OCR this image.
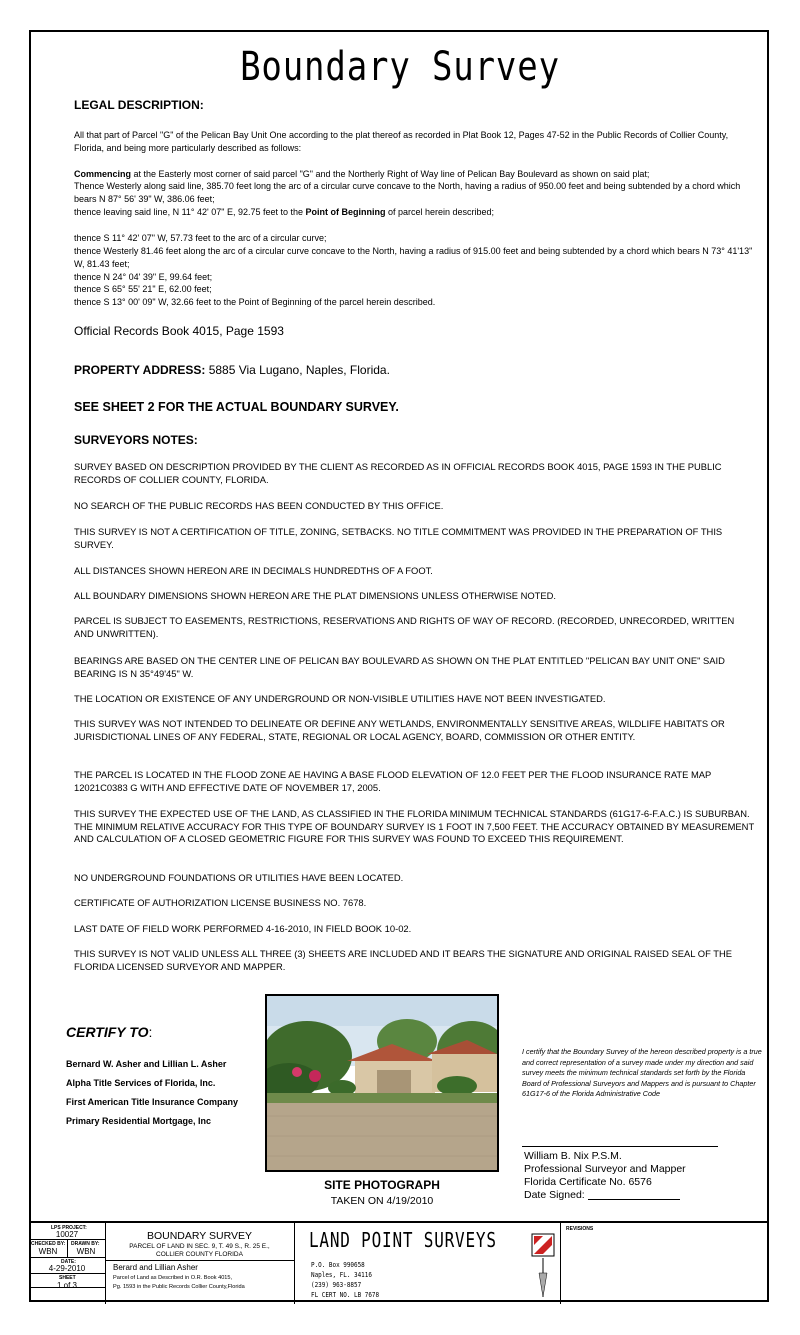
Boundary Survey
LEGAL DESCRIPTION:
All that part of Parcel "G" of the Pelican Bay Unit One according to the plat thereof as recorded in Plat Book 12, Pages 47-52 in the Public Records of Collier County, Florida, and being more particularly described as follows:
Commencing at the Easterly most corner of said parcel "G" and the Northerly Right of Way line of Pelican Bay Boulevard as shown on said plat;
Thence Westerly along said line, 385.70 feet long the arc of a circular curve concave to the North, having a radius of 950.00 feet and being subtended by a chord which bears N 87° 56' 39" W, 386.06 feet;
thence leaving said line, N 11° 42' 07" E, 92.75 feet to the Point of Beginning of parcel herein described;
thence S 11° 42' 07" W, 57.73 feet to the arc of a circular curve;
thence Westerly 81.46 feet along the arc of a circular curve concave to the North, having a radius of 915.00 feet and being subtended by a chord which bears N 73° 41'13" W, 81.43 feet;
thence N 24° 04' 39" E, 99.64 feet;
thence S 65° 55' 21" E, 62.00 feet;
thence S 13° 00' 09" W, 32.66 feet to the Point of Beginning of the parcel herein described.
Official Records Book 4015, Page 1593
PROPERTY ADDRESS: 5885 Via Lugano, Naples, Florida.
SEE SHEET 2 FOR THE ACTUAL BOUNDARY SURVEY.
SURVEYORS NOTES:
SURVEY BASED ON DESCRIPTION PROVIDED BY THE CLIENT AS RECORDED AS IN OFFICIAL RECORDS BOOK 4015, PAGE 1593 IN THE PUBLIC RECORDS OF COLLIER COUNTY, FLORIDA.
NO SEARCH OF THE PUBLIC RECORDS HAS BEEN CONDUCTED BY THIS OFFICE.
THIS SURVEY IS NOT A CERTIFICATION OF TITLE, ZONING, SETBACKS. NO TITLE COMMITMENT WAS PROVIDED IN THE PREPARATION OF THIS SURVEY.
ALL DISTANCES SHOWN HEREON ARE IN DECIMALS HUNDREDTHS OF A FOOT.
ALL BOUNDARY DIMENSIONS SHOWN HEREON ARE THE PLAT DIMENSIONS UNLESS OTHERWISE NOTED.
PARCEL IS SUBJECT TO EASEMENTS, RESTRICTIONS, RESERVATIONS AND RIGHTS OF WAY OF RECORD. (RECORDED, UNRECORDED, WRITTEN AND UNWRITTEN).
BEARINGS ARE BASED ON THE CENTER LINE OF PELICAN BAY BOULEVARD AS SHOWN ON THE PLAT ENTITLED "PELICAN BAY UNIT ONE" SAID BEARING IS N 35°49'45" W.
THE LOCATION OR EXISTENCE OF ANY UNDERGROUND OR NON-VISIBLE UTILITIES HAVE NOT BEEN INVESTIGATED.
THIS SURVEY WAS NOT INTENDED TO DELINEATE OR DEFINE ANY WETLANDS, ENVIRONMENTALLY SENSITIVE AREAS, WILDLIFE HABITATS OR JURISDICTIONAL LINES OF ANY FEDERAL, STATE, REGIONAL OR LOCAL AGENCY, BOARD, COMMISSION OR OTHER ENTITY.
THE PARCEL IS LOCATED IN THE FLOOD ZONE AE HAVING A BASE FLOOD ELEVATION OF 12.0 FEET PER THE FLOOD INSURANCE RATE MAP 12021C0383 G WITH AND EFFECTIVE DATE OF NOVEMBER 17, 2005.
THIS SURVEY THE EXPECTED USE OF THE LAND, AS CLASSIFIED IN THE FLORIDA MINIMUM TECHNICAL STANDARDS (61G17-6-F.A.C.) IS SUBURBAN. THE MINIMUM RELATIVE ACCURACY FOR THIS TYPE OF BOUNDARY SURVEY IS 1 FOOT IN 7,500 FEET. THE ACCURACY OBTAINED BY MEASUREMENT AND CALCULATION OF A CLOSED GEOMETRIC FIGURE FOR THIS SURVEY WAS FOUND TO EXCEED THIS REQUIREMENT.
NO UNDERGROUND FOUNDATIONS OR UTILITIES HAVE BEEN LOCATED.
CERTIFICATE OF AUTHORIZATION LICENSE BUSINESS NO. 7678.
LAST DATE OF FIELD WORK PERFORMED 4-16-2010, IN FIELD BOOK 10-02.
THIS SURVEY IS NOT VALID UNLESS ALL THREE (3) SHEETS ARE INCLUDED AND IT BEARS THE SIGNATURE AND ORIGINAL RAISED SEAL OF THE FLORIDA LICENSED SURVEYOR AND MAPPER.
CERTIFY TO:
Bernard W. Asher and Lillian L. Asher
Alpha Title Services of Florida, Inc.
First American Title Insurance Company
Primary Residential Mortgage, Inc
SITE PHOTOGRAPH
TAKEN ON 4/19/2010
I certify that the Boundary Survey of the hereon described property is a true and correct representation of a survey made under my direction and said survey meets the minimum technical standards set forth by the Florida Board of Professional Surveyors and Mappers and is pursuant to Chapter 61G17-6 of the Florida Administrative Code
William B. Nix P.S.M.
Professional Surveyor and Mapper
Florida Certificate No. 6576
Date Signed:
LPS PROJECT:
10027
CHECKED BY:
WBN
DRAWN BY:
WBN
DATE:
4-29-2010
SHEET
1 of 3
BOUNDARY SURVEY
PARCEL OF LAND IN SEC. 9, T. 49 S., R. 25 E.,
COLLIER COUNTY FLORIDA
Berard and Lillian Asher
Parcel of Land as Described in O.R. Book 4015,
Pg. 1593 in the Public Records Collier County,Florida
LAND POINT SURVEYS
P.O. Box 990658
Naples, FL. 34116
(239) 963-8857
FL CERT NO. LB 7678
REVISIONS
